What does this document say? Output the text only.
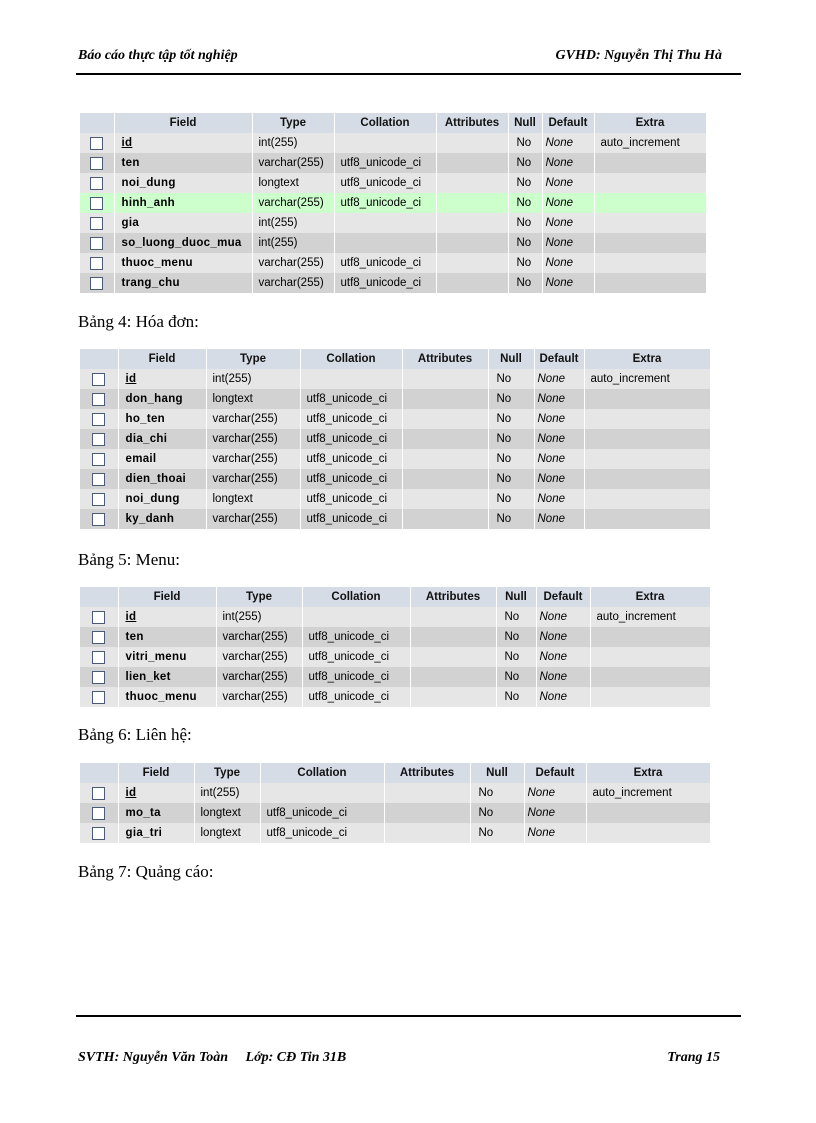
Báo cáo thực tập tốt nghiệp	GVHD: Nguyễn Thị Thu Hà
	Field	Type	Collation	Attributes	Null	Default	Extra
	id	int(255)			No	None	auto_increment
	ten	varchar(255)	utf8_unicode_ci		No	None	
	noi_dung	longtext	utf8_unicode_ci		No	None	
	hinh_anh	varchar(255)	utf8_unicode_ci		No	None	
	gia	int(255)			No	None	
	so_luong_duoc_mua	int(255)			No	None	
	thuoc_menu	varchar(255)	utf8_unicode_ci		No	None	
	trang_chu	varchar(255)	utf8_unicode_ci		No	None	
Bảng 4: Hóa đơn:
	Field	Type	Collation	Attributes	Null	Default	Extra
	id	int(255)			No	None	auto_increment
	don_hang	longtext	utf8_unicode_ci		No	None	
	ho_ten	varchar(255)	utf8_unicode_ci		No	None	
	dia_chi	varchar(255)	utf8_unicode_ci		No	None	
	email	varchar(255)	utf8_unicode_ci		No	None	
	dien_thoai	varchar(255)	utf8_unicode_ci		No	None	
	noi_dung	longtext	utf8_unicode_ci		No	None	
	ky_danh	varchar(255)	utf8_unicode_ci		No	None	
Bảng 5: Menu:
	Field	Type	Collation	Attributes	Null	Default	Extra
	id	int(255)			No	None	auto_increment
	ten	varchar(255)	utf8_unicode_ci		No	None	
	vitri_menu	varchar(255)	utf8_unicode_ci		No	None	
	lien_ket	varchar(255)	utf8_unicode_ci		No	None	
	thuoc_menu	varchar(255)	utf8_unicode_ci		No	None	
Bảng 6: Liên hệ:
	Field	Type	Collation	Attributes	Null	Default	Extra
	id	int(255)			No	None	auto_increment
	mo_ta	longtext	utf8_unicode_ci		No	None	
	gia_tri	longtext	utf8_unicode_ci		No	None	
Bảng 7: Quảng cáo:
SVTH: Nguyễn Văn Toàn     Lớp: CĐ Tin 31B	Trang 15
